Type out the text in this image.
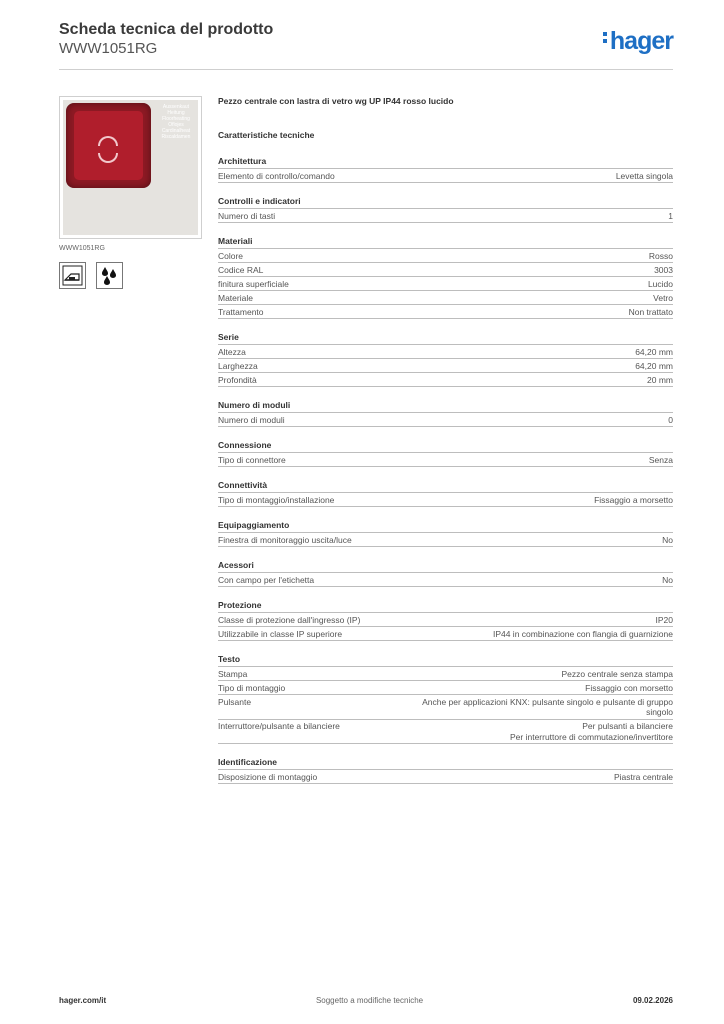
Scheda tecnica del prodotto
WWW1051RG	hager
Aussenkaut
Heitung
Floorheating
Oflojes
Cardinalheat
Riscaldamen
WWW1051RG
Pezzo centrale con lastra di vetro wg UP IP44 rosso lucido
Caratteristiche tecniche
Architettura
Elemento di controllo/comando	Levetta singola
Controlli e indicatori
Numero di tasti	1
Materiali
Colore	Rosso
Codice RAL	3003
finitura superficiale	Lucido
Materiale	Vetro
Trattamento	Non trattato
Serie
Altezza	64,20 mm
Larghezza	64,20 mm
Profondità	20 mm
Numero di moduli
Numero di moduli	0
Connessione
Tipo di connettore	Senza
Connettività
Tipo di montaggio/installazione	Fissaggio a morsetto
Equipaggiamento
Finestra di monitoraggio uscita/luce	No
Acessori
Con campo per l'etichetta	No
Protezione
Classe di protezione dall'ingresso (IP)	IP20
Utilizzabile in classe IP superiore	IP44 in combinazione con flangia di guarnizione
Testo
Stampa	Pezzo centrale senza stampa
Tipo di montaggio	Fissaggio con morsetto
Pulsante	Anche per applicazioni KNX: pulsante singolo e pulsante di gruppo
singolo
Interruttore/pulsante a bilanciere	Per pulsanti a bilanciere
Per interruttore di commutazione/invertitore
Identificazione
Disposizione di montaggio	Piastra centrale
hager.com/it	Soggetto a modifiche tecniche	09.02.2026
